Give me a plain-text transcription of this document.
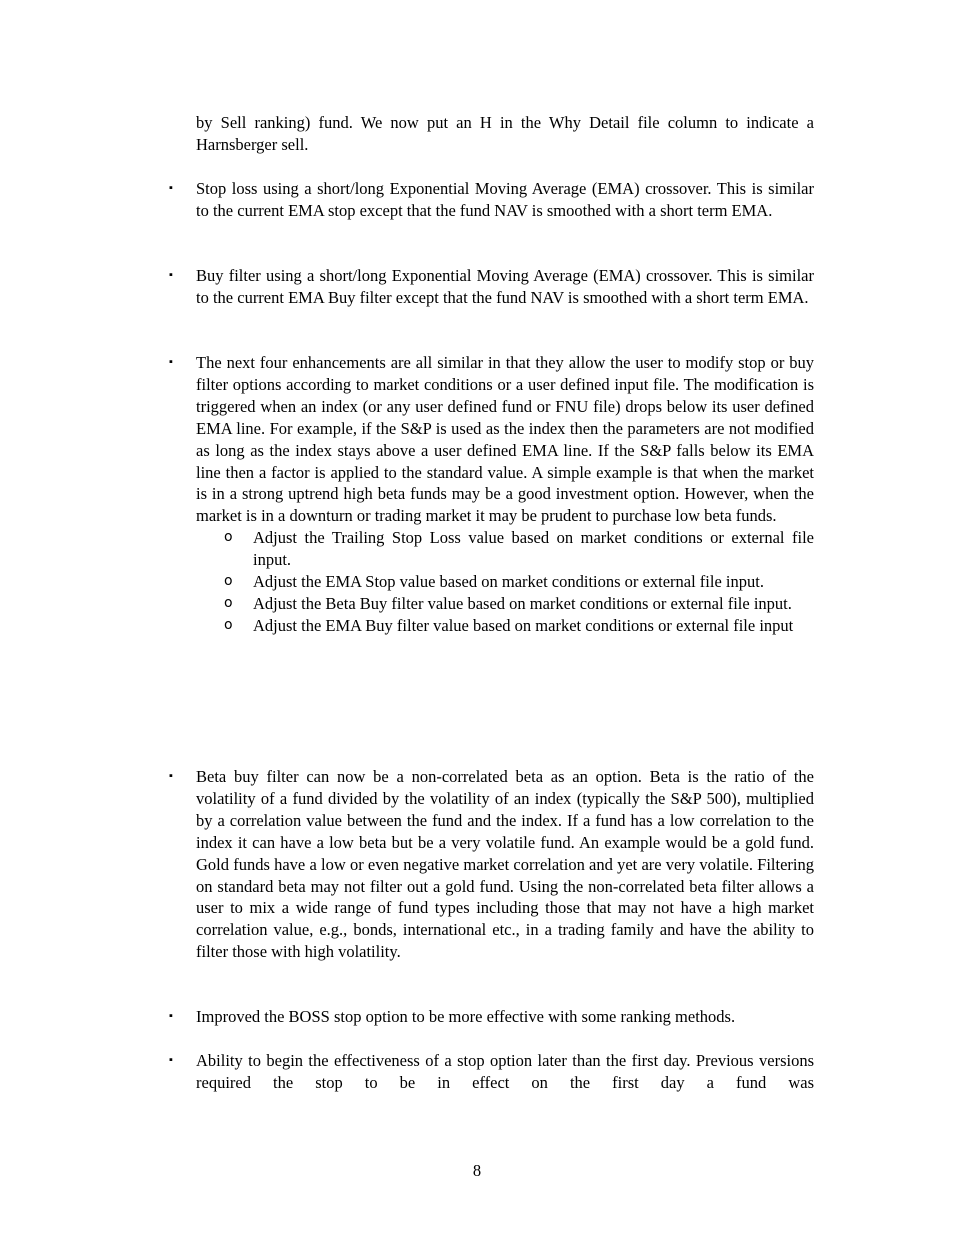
by Sell ranking) fund. We now put an H in the Why Detail file column to indicate a Harnsberger sell.

▪ Stop loss using a short/long Exponential Moving Average (EMA) crossover. This is similar to the current EMA stop except that the fund NAV is smoothed with a short term EMA.

▪ Buy filter using a short/long Exponential Moving Average (EMA) crossover. This is similar to the current EMA Buy filter except that the fund NAV is smoothed with a short term EMA.

▪ The next four enhancements are all similar in that they allow the user to modify stop or buy filter options according to market conditions or a user defined input file. The modification is triggered when an index (or any user defined fund or FNU file) drops below its user defined EMA line. For example, if the S&P is used as the index then the parameters are not modified as long as the index stays above a user defined EMA line. If the S&P falls below its EMA line then a factor is applied to the standard value. A simple example is that when the market is in a strong uptrend high beta funds may be a good investment option. However, when the market is in a downturn or trading market it may be prudent to purchase low beta funds.
o Adjust the Trailing Stop Loss value based on market conditions or external file input.
o Adjust the EMA Stop value based on market conditions or external file input.
o Adjust the Beta Buy filter value based on market conditions or external file input.
o Adjust the EMA Buy filter value based on market conditions or external file input
▪ Beta buy filter can now be a non-correlated beta as an option. Beta is the ratio of the volatility of a fund divided by the volatility of an index (typically the S&P 500), multiplied by a correlation value between the fund and the index. If a fund has a low correlation to the index it can have a low beta but be a very volatile fund. An example would be a gold fund. Gold funds have a low or even negative market correlation and yet are very volatile. Filtering on standard beta may not filter out a gold fund. Using the non-correlated beta filter allows a user to mix a wide range of fund types including those that may not have a high market correlation value, e.g., bonds, international etc., in a trading family and have the ability to filter those with high volatility.

▪ Improved the BOSS stop option to be more effective with some ranking methods.

▪ Ability to begin the effectiveness of a stop option later than the first day. Previous versions required the stop to be in effect on the first day a fund was

8
